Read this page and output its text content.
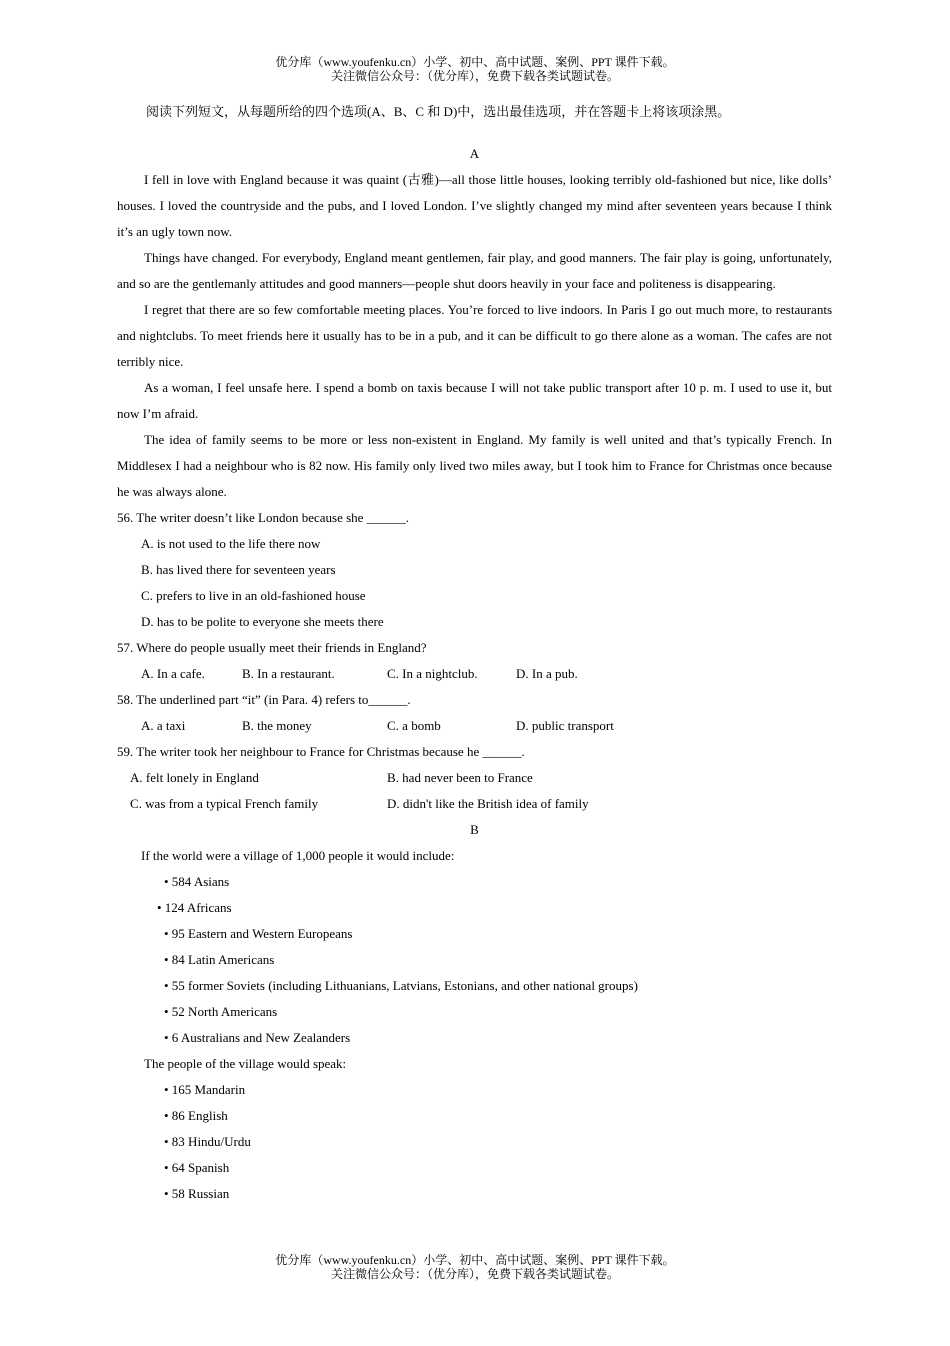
优分库（www.youfenku.cn）小学、初中、高中试题、案例、PPT 课件下载。
关注微信公众号：（优分库），免费下载各类试题试卷。
阅读下列短文，从每题所给的四个选项(A、B、C 和 D)中，选出最佳选项，并在答题卡上将该项涂黑。
A

I fell in love with England because it was quaint (古雅)—all those little houses, looking terribly old-fashioned but nice, like dolls’ houses. I loved the countryside and the pubs, and I loved London. I’ve slightly changed my mind after seventeen years because I think it’s an ugly town now.

Things have changed. For everybody, England meant gentlemen, fair play, and good manners. The fair play is going, unfortunately, and so are the gentlemanly attitudes and good manners—people shut doors heavily in your face and politeness is disappearing.

I regret that there are so few comfortable meeting places. You’re forced to live indoors. In Paris I go out much more, to restaurants and nightclubs. To meet friends here it usually has to be in a pub, and it can be difficult to go there alone as a woman. The cafes are not terribly nice.

As a woman, I feel unsafe here. I spend a bomb on taxis because I will not take public transport after 10 p. m. I used to use it, but now I’m afraid.

The idea of family seems to be more or less non-existent in England. My family is well united and that’s typically French. In Middlesex I had a neighbour who is 82 now. His family only lived two miles away, but I took him to France for Christmas once because he was always alone.

56. The writer doesn’t like London because she ______.
A. is not used to the life there now
B. has lived there for seventeen years
C. prefers to live in an old-fashioned house
D. has to be polite to everyone she meets there
57. Where do people usually meet their friends in England?
A. In a cafe.	B. In a restaurant.	C. In a nightclub.	D. In a pub.
58. The underlined part “it” (in Para. 4) refers to______.
A. a taxi	B. the money	C. a bomb	D. public transport
59. The writer took her neighbour to France for Christmas because he ______.
A. felt lonely in England	B. had never been to France
C. was from a typical French family	D. didn't like the British idea of family
B
If the world were a village of 1,000 people it would include:
• 584 Asians
• 124 Africans
• 95 Eastern and Western Europeans
• 84 Latin Americans
• 55 former Soviets (including Lithuanians, Latvians, Estonians, and other national groups)
• 52 North Americans
• 6 Australians and New Zealanders
The people of the village would speak:
• 165 Mandarin
• 86 English
• 83 Hindu/Urdu
• 64 Spanish
• 58 Russian
优分库（www.youfenku.cn）小学、初中、高中试题、案例、PPT 课件下载。
关注微信公众号：（优分库），免费下载各类试题试卷。
